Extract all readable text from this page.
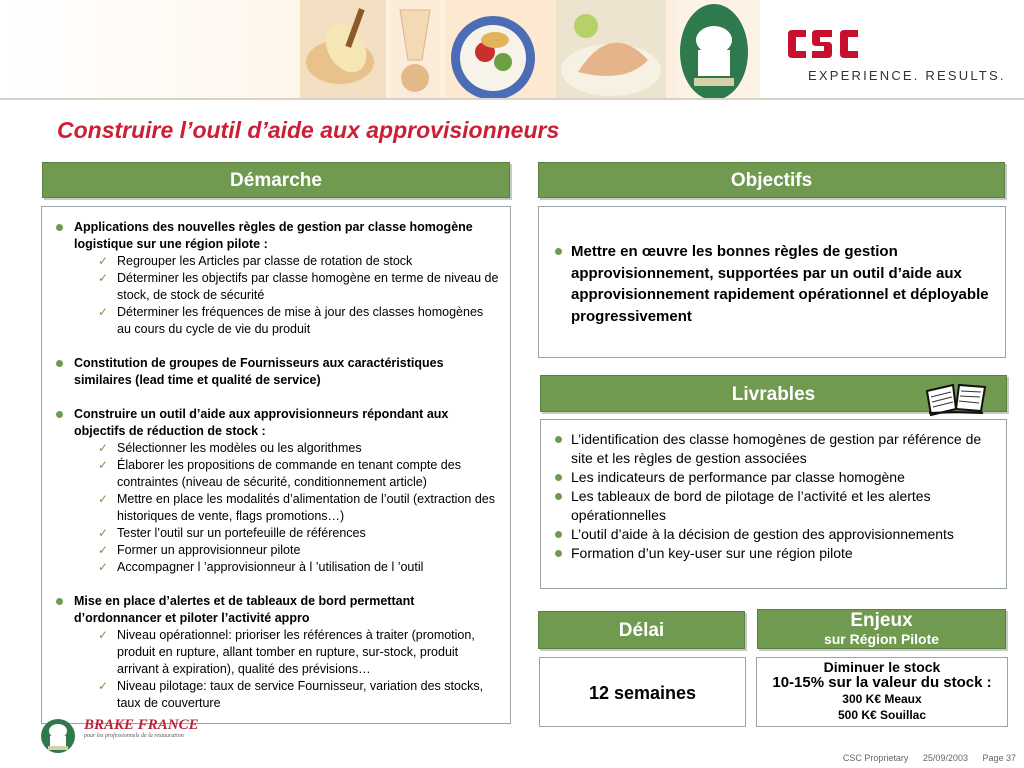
EXPERIENCE. RESULTS.
Construire l’outil d’aide aux approvisionneurs
Démarche
Applications des nouvelles règles de gestion par classe homogène logistique sur une région pilote :
✓ Regrouper les Articles par classe de rotation de stock
✓ Déterminer les objectifs par classe homogène en terme de niveau de stock, de stock de sécurité
✓ Déterminer les fréquences de mise à jour des classes homogènes au cours du cycle de vie du produit
Constitution de groupes de Fournisseurs aux caractéristiques similaires (lead time et qualité de service)
Construire un outil d’aide aux approvisionneurs répondant aux objectifs de réduction de stock :
✓ Sélectionner les modèles ou les algorithmes
✓ Élaborer les propositions de commande en tenant compte des contraintes (niveau de sécurité, conditionnement article)
✓ Mettre en place les modalités d’alimentation de l’outil (extraction des historiques de vente, flags promotions…)
✓ Tester l’outil sur un portefeuille de références
✓ Former un approvisionneur pilote
✓ Accompagner l ’approvisionneur à l ’utilisation de l ’outil
Mise en place d’alertes et de tableaux de bord permettant d’ordonnancer et piloter l’activité appro
✓ Niveau opérationnel: prioriser les références à traiter (promotion, produit en rupture, allant tomber en rupture, sur-stock, produit arrivant à expiration), qualité des prévisions…
✓ Niveau pilotage: taux de service Fournisseur, variation des stocks, taux de couverture
Objectifs
Mettre en œuvre les bonnes règles de gestion approvisionnement, supportées par un outil d’aide aux approvisionnement rapidement opérationnel et déployable progressivement
Livrables
L’identification des classe homogènes de gestion par référence de site et les règles de gestion associées
Les indicateurs de performance par classe homogène
Les tableaux de bord de pilotage de l’activité et les alertes opérationnelles
L’outil d’aide à la décision de gestion des approvisionnements
Formation d’un key-user sur une région pilote
Délai
12 semaines
Enjeux
sur Région Pilote
Diminuer le stock
10-15% sur la valeur du stock :
300 K€ Meaux
500 K€ Souillac
BRAKE FRANCE
pour les professionnels de la restauration
CSC Proprietary 25/09/2003 Page 37
